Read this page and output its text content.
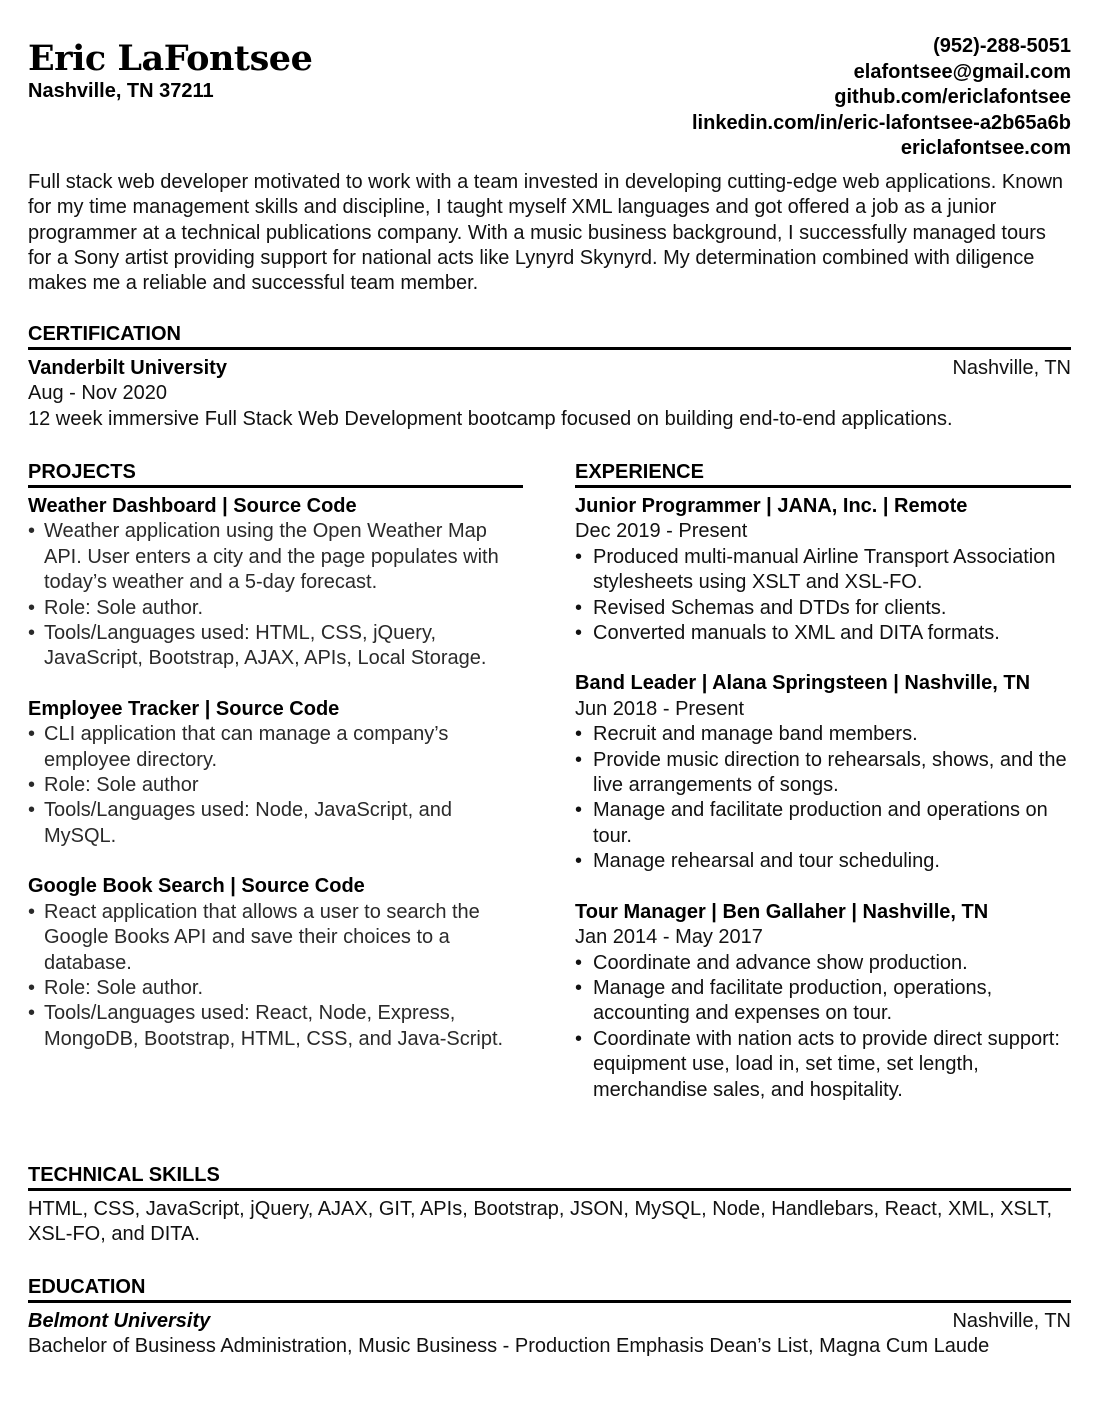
Eric LaFontsee
Nashville, TN 37211
(952)-288-5051
elafontsee@gmail.com
github.com/ericlafontsee
linkedin.com/in/eric-lafontsee-a2b65a6b
ericlafontsee.com
Full stack web developer motivated to work with a team invested in developing cutting-edge web applications. Known for my time management skills and discipline, I taught myself XML languages and got offered a job as a junior programmer at a technical publications company. With a music business background, I successfully managed tours for a Sony artist providing support for national acts like Lynyrd Skynyrd. My determination combined with diligence makes me a reliable and successful team member.
CERTIFICATION
Vanderbilt University	Nashville, TN
Aug - Nov 2020
12 week immersive Full Stack Web Development bootcamp focused on building end-to-end applications.
PROJECTS
Weather Dashboard | Source Code
• Weather application using the Open Weather Map API. User enters a city and the page populates with today’s weather and a 5-day forecast.
• Role: Sole author.
• Tools/Languages used: HTML, CSS, jQuery, JavaScript, Bootstrap, AJAX, APIs, Local Storage.
Employee Tracker | Source Code
• CLI application that can manage a company’s employee directory.
• Role: Sole author
• Tools/Languages used: Node, JavaScript, and MySQL.
Google Book Search | Source Code
• React application that allows a user to search the Google Books API and save their choices to a database.
• Role: Sole author.
• Tools/Languages used: React, Node, Express, MongoDB, Bootstrap, HTML, CSS, and Java-Script.
EXPERIENCE
Junior Programmer | JANA, Inc. | Remote
Dec 2019 - Present
• Produced multi-manual Airline Transport Association stylesheets using XSLT and XSL-FO.
• Revised Schemas and DTDs for clients.
• Converted manuals to XML and DITA formats.
Band Leader | Alana Springsteen | Nashville, TN
Jun 2018 - Present
• Recruit and manage band members.
• Provide music direction to rehearsals, shows, and the live arrangements of songs.
• Manage and facilitate production and operations on tour.
• Manage rehearsal and tour scheduling.
Tour Manager | Ben Gallaher | Nashville, TN
Jan 2014 - May 2017
• Coordinate and advance show production.
• Manage and facilitate production, operations, accounting and expenses on tour.
• Coordinate with nation acts to provide direct support: equipment use, load in, set time, set length, merchandise sales, and hospitality.
TECHNICAL SKILLS
HTML, CSS, JavaScript, jQuery, AJAX, GIT, APIs, Bootstrap, JSON, MySQL, Node, Handlebars, React, XML, XSLT, XSL-FO, and DITA.
EDUCATION
Belmont University	Nashville, TN
Bachelor of Business Administration, Music Business - Production Emphasis Dean’s List, Magna Cum Laude
